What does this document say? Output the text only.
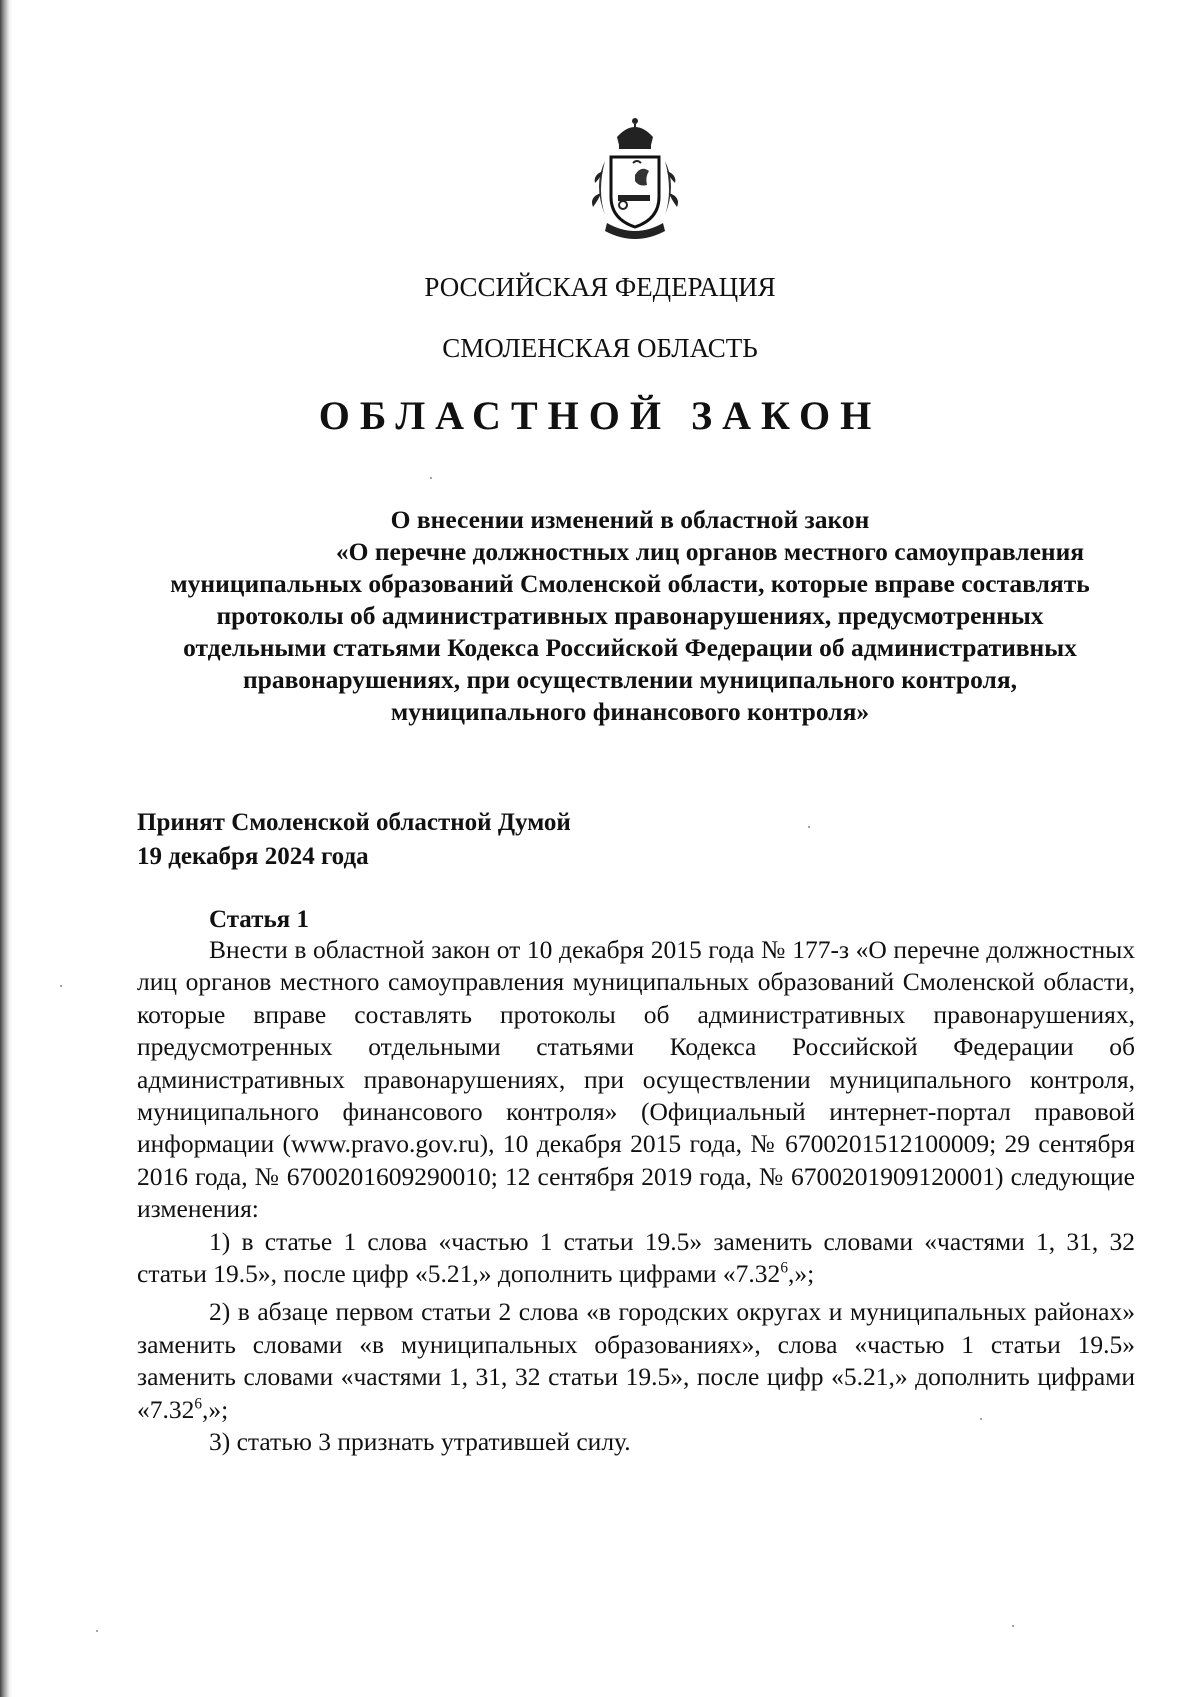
РОССИЙСКАЯ ФЕДЕРАЦИЯ
СМОЛЕНСКАЯ ОБЛАСТЬ
ОБЛАСТНОЙ ЗАКОН
О внесении изменений в областной закон
«О перечне должностных лиц органов местного самоуправления
муниципальных образований Смоленской области, которые вправе составлять
протоколы об административных правонарушениях, предусмотренных
отдельными статьями Кодекса Российской Федерации об административных
правонарушениях, при осуществлении муниципального контроля,
муниципального финансового контроля»
Принят Смоленской областной Думой
19 декабря 2024 года
Статья 1

Внести в областной закон от 10 декабря 2015 года № 177-з «О перечне должностных лиц органов местного самоуправления муниципальных образований Смоленской области, которые вправе составлять протоколы об административных правонарушениях, предусмотренных отдельными статьями Кодекса Российской Федерации об административных правонарушениях, при осуществлении муниципального контроля, муниципального финансового контроля» (Официальный интернет-портал правовой информации (www.pravo.gov.ru), 10 декабря 2015 года, № 6700201512100009; 29 сентября 2016 года, № 6700201609290010; 12 сентября 2019 года, № 6700201909120001) следующие изменения:

1) в статье 1 слова «частью 1 статьи 19.5» заменить словами «частями 1, 31, 32 статьи 19.5», после цифр «5.21,» дополнить цифрами «7.32$^6$,»;

2) в абзаце первом статьи 2 слова «в городских округах и муниципальных районах» заменить словами «в муниципальных образованиях», слова «частью 1 статьи 19.5» заменить словами «частями 1, 31, 32 статьи 19.5», после цифр «5.21,» дополнить цифрами «7.32$^6$,»;

3) статью 3 признать утратившей силу.
